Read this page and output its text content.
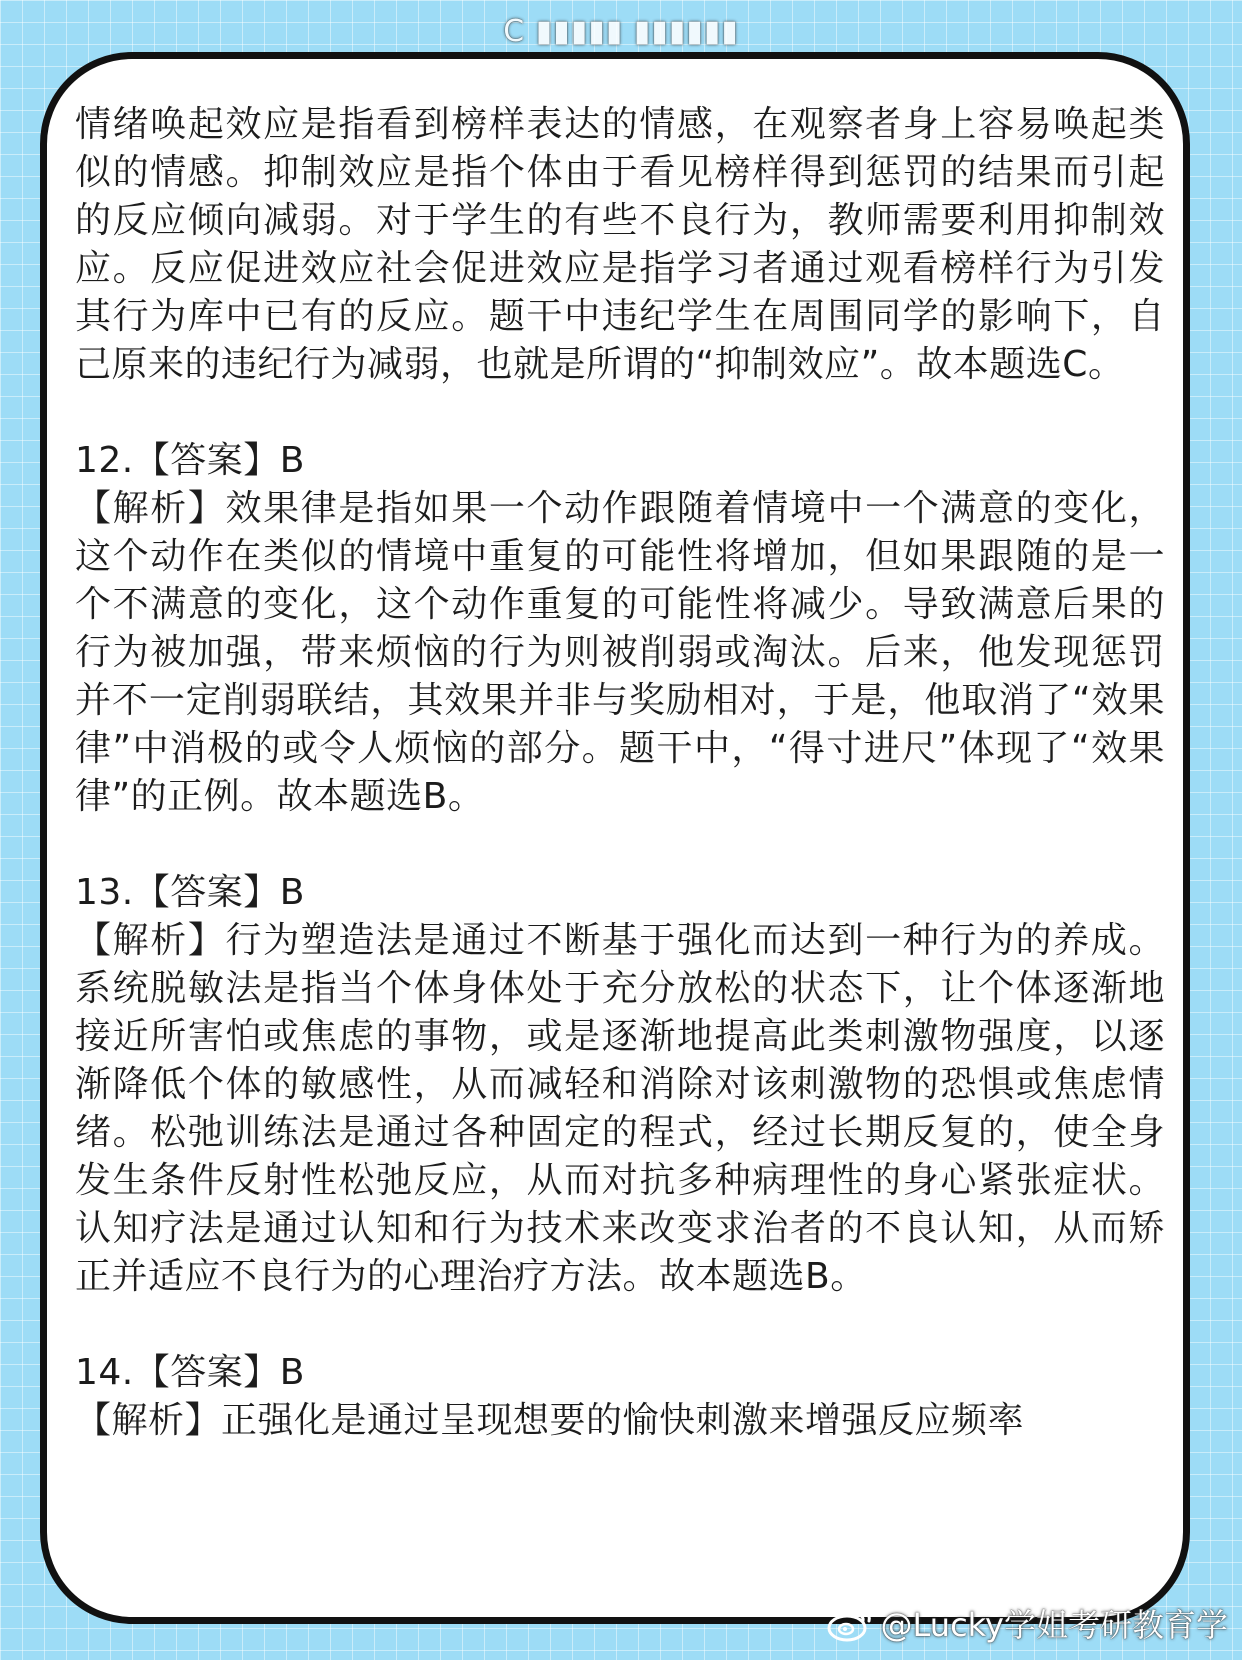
C ▮▮▮▮▮ ▮▮▮▮▮▮

情绪唤起效应是指看到榜样表达的情感，在观察者身上容易唤起类似的情感。抑制效应是指个体由于看见榜样得到惩罚的结果而引起的反应倾向减弱。对于学生的有些不良行为，教师需要利用抑制效应。反应促进效应社会促进效应是指学习者通过观看榜样行为引发其行为库中已有的反应。题干中违纪学生在周围同学的影响下，自己原来的违纪行为减弱，也就是所谓的“抑制效应”。故本题选C。

12.【答案】B

【解析】效果律是指如果一个动作跟随着情境中一个满意的变化，这个动作在类似的情境中重复的可能性将增加，但如果跟随的是一个不满意的变化，这个动作重复的可能性将减少。导致满意后果的行为被加强，带来烦恼的行为则被削弱或淘汰。后来，他发现惩罚并不一定削弱联结，其效果并非与奖励相对，于是，他取消了“效果律”中消极的或令人烦恼的部分。题干中，“得寸进尺”体现了“效果律”的正例。故本题选B。

13.【答案】B

【解析】行为塑造法是通过不断基于强化而达到一种行为的养成。系统脱敏法是指当个体身体处于充分放松的状态下，让个体逐渐地接近所害怕或焦虑的事物，或是逐渐地提高此类刺激物强度，以逐渐降低个体的敏感性，从而减轻和消除对该刺激物的恐惧或焦虑情绪。松弛训练法是通过各种固定的程式，经过长期反复的，使全身发生条件反射性松弛反应，从而对抗多种病理性的身心紧张症状。认知疗法是通过认知和行为技术来改变求治者的不良认知，从而矫正并适应不良行为的心理治疗方法。故本题选B。

14.【答案】B

【解析】正强化是通过呈现想要的愉快刺激来增强反应频率

@Lucky学姐考研教育学
